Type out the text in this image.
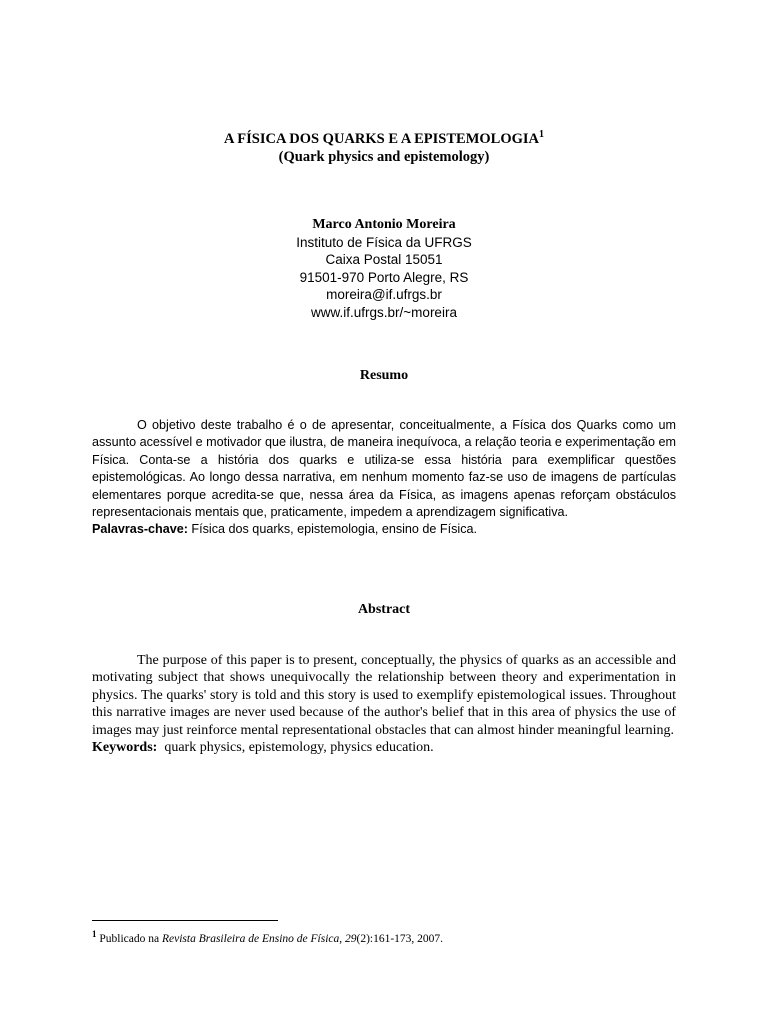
A FÍSICA DOS QUARKS E A EPISTEMOLOGIA$^1$
(Quark physics and epistemology)
Marco Antonio Moreira
Instituto de Física da UFRGS
Caixa Postal 15051
91501-970 Porto Alegre, RS
moreira@if.ufrgs.br
www.if.ufrgs.br/~moreira
Resumo

O objetivo deste trabalho é o de apresentar, conceitualmente, a Física dos Quarks como um assunto acessível e motivador que ilustra, de maneira inequívoca, a relação teoria e experimentação em Física. Conta-se a história dos quarks e utiliza-se essa história para exemplificar questões epistemológicas. Ao longo dessa narrativa, em nenhum momento faz-se uso de imagens de partículas elementares porque acredita-se que, nessa área da Física, as imagens apenas reforçam obstáculos representacionais mentais que, praticamente, impedem a aprendizagem significativa.

Palavras-chave: Física dos quarks, epistemologia, ensino de Física.
Abstract

The purpose of this paper is to present, conceptually, the physics of quarks as an accessible and motivating subject that shows unequivocally the relationship between theory and experimentation in physics. The quarks' story is told and this story is used to exemplify epistemological issues. Throughout this narrative images are never used because of the author's belief that in this area of physics the use of images may just reinforce mental representational obstacles that can almost hinder meaningful learning.

Keywords: quark physics, epistemology, physics education.
$^1$ Publicado na Revista Brasileira de Ensino de Física, 29(2):161-173, 2007.
